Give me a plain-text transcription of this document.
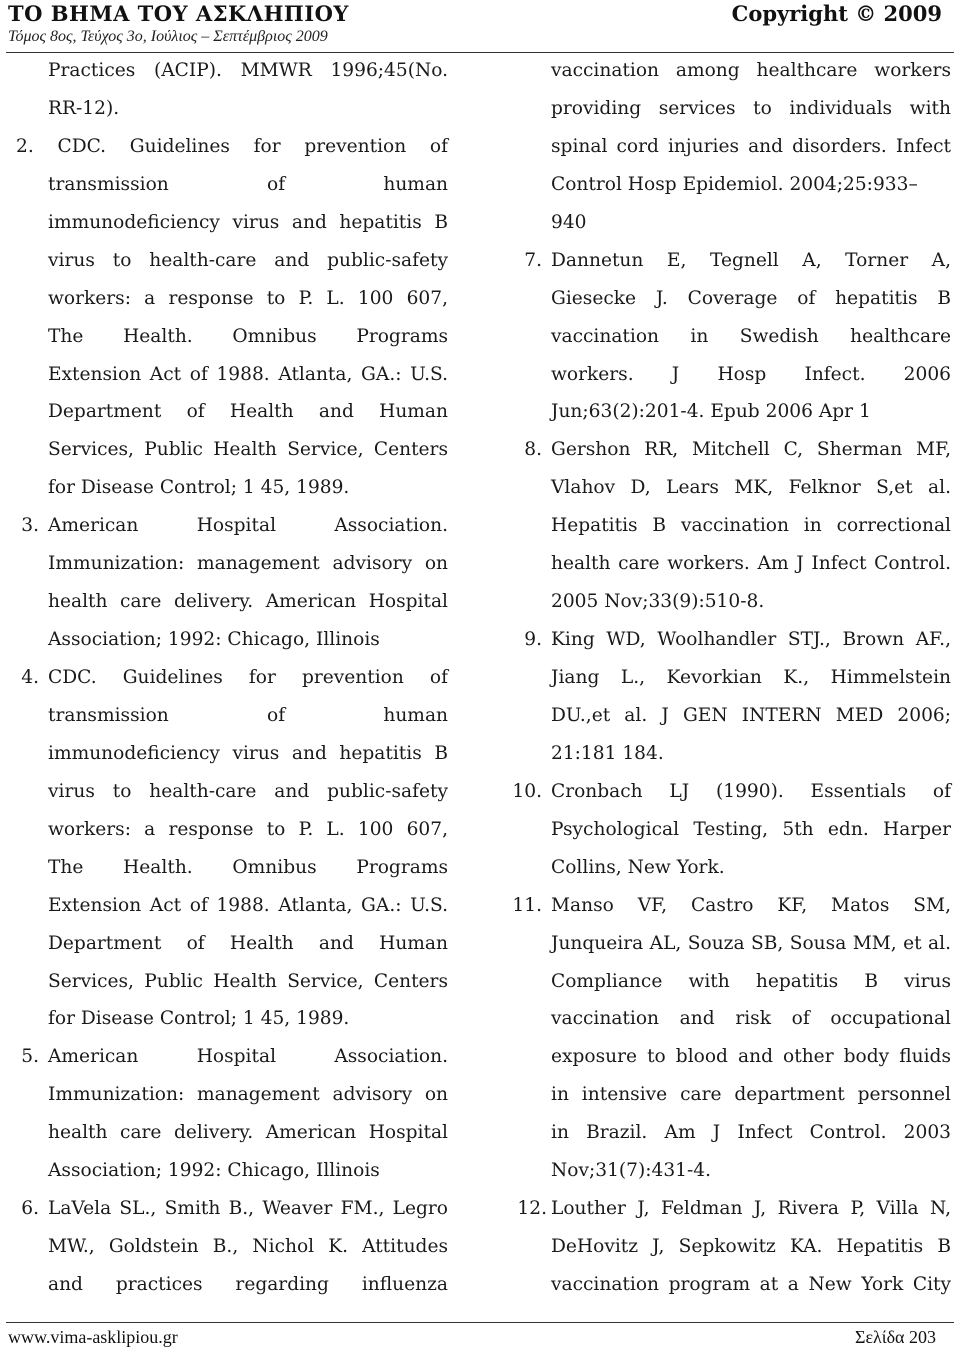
ΤΟ ΒΗΜΑ ΤΟΥ ΑΣΚΛΗΠΙΟΥ	Copyright © 2009
Τόμος 8ος, Τεύχος 3ο, Ιούλιος – Σεπτέμβριος 2009
Practices (ACIP). MMWR 1996;45(No.
RR-12).
2. CDC. Guidelines for prevention of
transmission of human
immunodeficiency virus and hepatitis B
virus to health-care and public-safety
workers: a response to P. L. 100 607,
The Health. Omnibus Programs
Extension Act of 1988. Atlanta, GA.: U.S.
Department of Health and Human
Services, Public Health Service, Centers
for Disease Control; 1 45, 1989.
3. American Hospital Association.
Immunization: management advisory on
health care delivery. American Hospital
Association; 1992: Chicago, Illinois
4. CDC. Guidelines for prevention of
transmission of human
immunodeficiency virus and hepatitis B
virus to health-care and public-safety
workers: a response to P. L. 100 607,
The Health. Omnibus Programs
Extension Act of 1988. Atlanta, GA.: U.S.
Department of Health and Human
Services, Public Health Service, Centers
for Disease Control; 1 45, 1989.
5. American Hospital Association.
Immunization: management advisory on
health care delivery. American Hospital
Association; 1992: Chicago, Illinois
6. LaVela SL., Smith B., Weaver FM., Legro
MW., Goldstein B., Nichol K. Attitudes
and practices regarding influenza
vaccination among healthcare workers
providing services to individuals with
spinal cord injuries and disorders. Infect
Control Hosp Epidemiol. 2004;25:933–
940
7. Dannetun E, Tegnell A, Torner A,
Giesecke J. Coverage of hepatitis B
vaccination in Swedish healthcare
workers. J Hosp Infect. 2006
Jun;63(2):201-4. Epub 2006 Apr 1
8. Gershon RR, Mitchell C, Sherman MF,
Vlahov D, Lears MK, Felknor S,et al.
Hepatitis B vaccination in correctional
health care workers. Am J Infect Control.
2005 Nov;33(9):510-8.
9. King WD, Woolhandler STJ., Brown AF.,
Jiang L., Kevorkian K., Himmelstein
DU.,et al. J GEN INTERN MED 2006;
21:181 184.
10. Cronbach LJ (1990). Essentials of
Psychological Testing, 5th edn. Harper
Collins, New York.
11. Manso VF, Castro KF, Matos SM,
Junqueira AL, Souza SB, Sousa MM, et al.
Compliance with hepatitis B virus
vaccination and risk of occupational
exposure to blood and other body fluids
in intensive care department personnel
in Brazil. Am J Infect Control. 2003
Nov;31(7):431-4.
12. Louther J, Feldman J, Rivera P, Villa N,
DeHovitz J, Sepkowitz KA. Hepatitis B
vaccination program at a New York City
www.vima-asklipiou.gr	Σελίδα 203
